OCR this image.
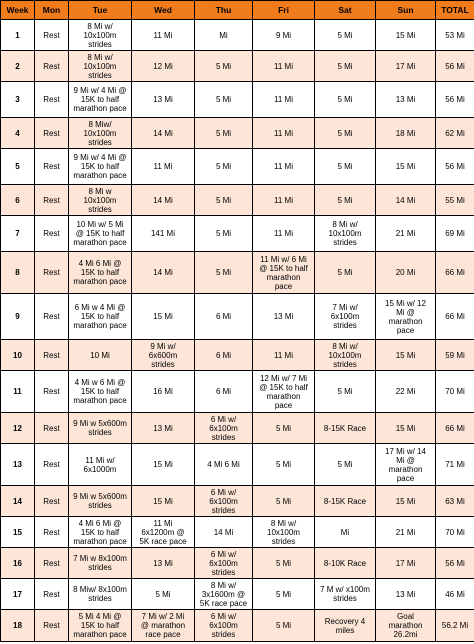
Week	Mon	Tue	Wed	Thu	Fri	Sat	Sun	TOTAL
1	Rest	8 Mi w/
10x100m
strides	11 Mi	Mi	9 Mi	5 Mi	15 Mi	53 Mi
2	Rest	8 Mi w/
10x100m
strides	12 Mi	5 Mi	11 Mi	5 Mi	17 Mi	56 Mi
3	Rest	9 Mi w/ 4 Mi @
15K to half
marathon pace	13 Mi	5 Mi	11 Mi	5 Mi	13 Mi	56 Mi
4	Rest	8 Miw/
10x100m
strides	14 Mi	5 Mi	11 Mi	5 Mi	18 Mi	62 Mi
5	Rest	9 Mi w/ 4 Mi @
15K to half
marathon pace	11 Mi	5 Mi	11 Mi	5 Mi	15 Mi	56 Mi
6	Rest	8 Mi w
10x100m
strides	14 Mi	5 Mi	11 Mi	5 Mi	14 Mi	55 Mi
7	Rest	10 Mi w/ 5 Mi
@ 15K to half
marathon pace	141 Mi	5 Mi	11 Mi	8 Mi w/
10x100m
strides	21 Mi	69 Mi
8	Rest	4 Mi 6 Mi @
15K to half
marathon pace	14 Mi	5 Mi	11 Mi w/ 6 Mi
@ 15K to half
marathon
pace	5 Mi	20 Mi	66 Mi
9	Rest	6 Mi w 4 Mi @
15K to half
marathon pace	15 Mi	6 Mi	13 Mi	7 Mi w/
6x100m
strides	15 Mi w/ 12
Mi @
marathon
pace	66 Mi
10	Rest	10 Mi	9 Mi w/
6x600m
strides	6 Mi	11 Mi	8 Mi w/
10x100m
strides	15 Mi	59 Mi
11	Rest	4 Mi w 6 Mi @
15K to half
marathon pace	16 Mi	6 Mi	12 Mi w/ 7 Mi
@ 15K to half
marathon
pace	5 Mi	22 Mi	70 Mi
12	Rest	9 Mi w 5x600m
strides	13 Mi	6 Mi w/
6x100m
strides	5 Mi	8-15K Race	15 Mi	66 Mi
13	Rest	11 Mi w/
6x1000m	15 Mi	4 Mi 6 Mi	5 Mi	5 Mi	17 Mi w/ 14
Mi @
marathon
pace	71 Mi
14	Rest	9 Mi w 5x600m
strides	15 Mi	6 Mi w/
6x100m
strides	5 Mi	8-15K Race	15 Mi	63 Mi
15	Rest	4 Mi 6 Mi @
15K to half
marathon pace	11 Mi
6x1200m @
5K race pace	14 Mi	8 Mi w/
10x100m
strides	Mi	21 Mi	70 Mi
16	Rest	7 Mi w 8x100m
strides	13 Mi	6 Mi w/
6x100m
strides	5 Mi	8-10K Race	17 Mi	56 Mi
17	Rest	8 Miw/ 8x100m
strides	5 Mi	8 Mi w/
3x1600m @
5K race pace	5 Mi	7 M w/ x100m
strides	13 Mi	46 Mi
18	Rest	5 Mi 4 Mi @
15K to half
marathon pace	7 Mi w/ 2 Mi
@ marathon
race pace	6 Mi w/
6x100m
strides	5 Mi	Recovery 4
miles	Goal
marathon
26.2mi	56.2 Mi
